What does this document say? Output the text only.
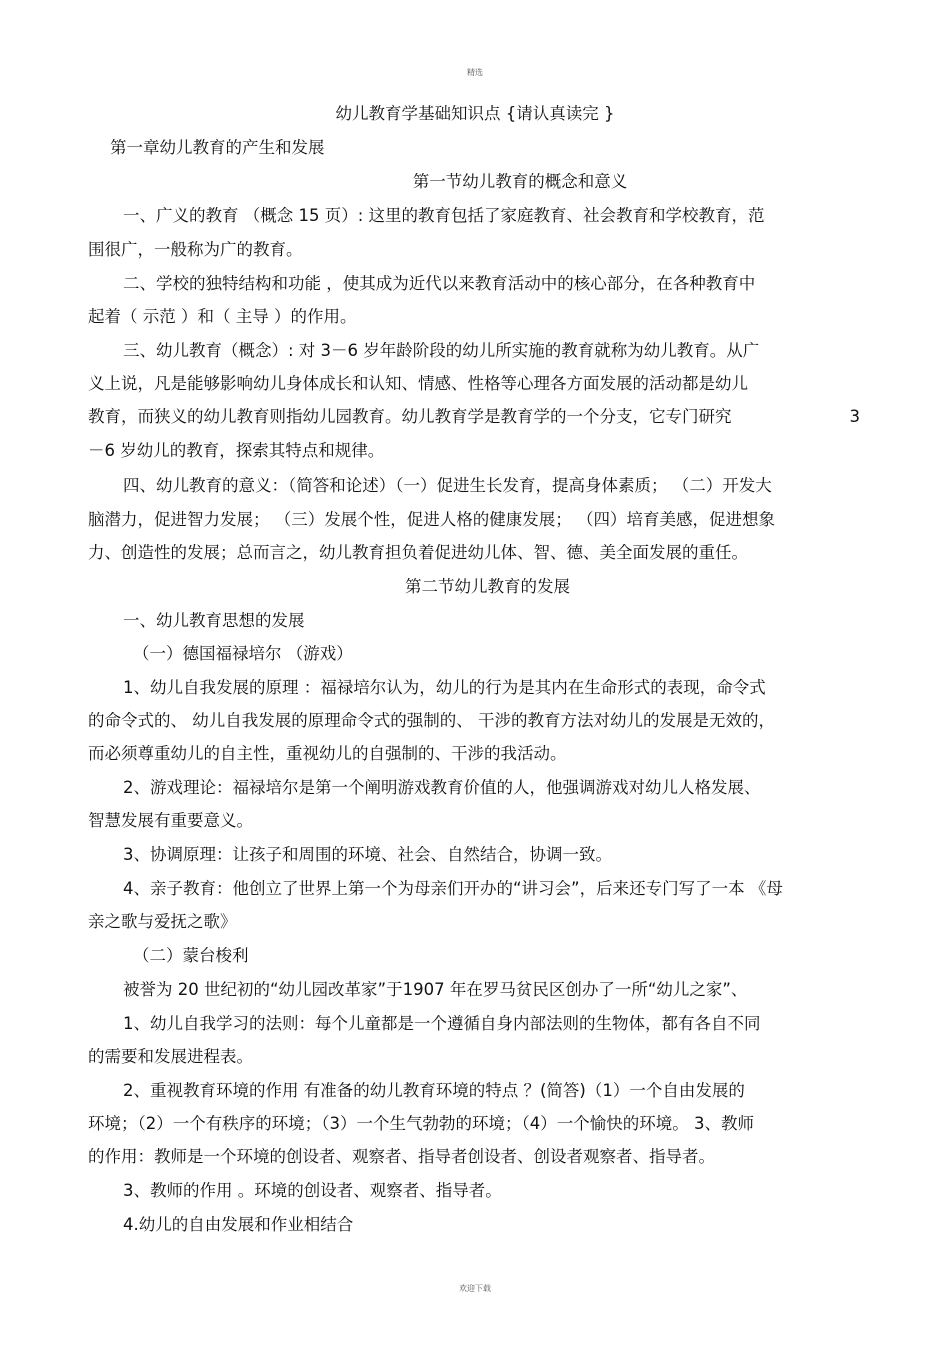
精选
幼儿教育学基础知识点 {请认真读完 }
第一章幼儿教育的产生和发展
第一节幼儿教育的概念和意义
一、广义的教育 （概念 15 页）: 这里的教育包括了家庭教育、社会教育和学校教育，范
围很广，一般称为广的教育。
二、学校的独特结构和功能 ，使其成为近代以来教育活动中的核心部分，在各种教育中
起着（ 示范 ）和（ 主导 ）的作用。
三、幼儿教育（概念）: 对 3－6 岁年龄阶段的幼儿所实施的教育就称为幼儿教育。从广
义上说，凡是能够影响幼儿身体成长和认知、情感、性格等心理各方面发展的活动都是幼儿
教育，而狭义的幼儿教育则指幼儿园教育。幼儿教育学是教育学的一个分支，它专门研究	3
－6 岁幼儿的教育，探索其特点和规律。
四、幼儿教育的意义：（简答和论述）（一）促进生长发育，提高身体素质； （二）开发大
脑潜力，促进智力发展； （三）发展个性，促进人格的健康发展； （四）培育美感，促进想象
力、创造性的发展；总而言之，幼儿教育担负着促进幼儿体、智、德、美全面发展的重任。
第二节幼儿教育的发展
一、幼儿教育思想的发展
（一）德国福禄培尔 （游戏）
1、幼儿自我发展的原理 ：福禄培尔认为，幼儿的行为是其内在生命形式的表现，命令式
的命令式的、 幼儿自我发展的原理命令式的强制的、 干涉的教育方法对幼儿的发展是无效的，
而必须尊重幼儿的自主性，重视幼儿的自强制的、干涉的我活动。
2、游戏理论：福禄培尔是第一个阐明游戏教育价值的人，他强调游戏对幼儿人格发展、
智慧发展有重要意义。
3、协调原理：让孩子和周围的环境、社会、自然结合，协调一致。
4、亲子教育：他创立了世界上第一个为母亲们开办的“讲习会”，后来还专门写了一本 《母
亲之歌与爱抚之歌》
（二）蒙台梭利
被誉为 20 世纪初的“幼儿园改革家”于1907 年在罗马贫民区创办了一所“幼儿之家”、
1、幼儿自我学习的法则：每个儿童都是一个遵循自身内部法则的生物体，都有各自不同
的需要和发展进程表。
2、重视教育环境的作用 有准备的幼儿教育环境的特点 ？(简答)（1）一个自由发展的
环境；（2）一个有秩序的环境；（3）一个生气勃勃的环境；（4）一个愉快的环境。 3、教师
的作用：教师是一个环境的创设者、观察者、指导者创设者、创设者观察者、指导者。
3、教师的作用 。环境的创设者、观察者、指导者。
4.幼儿的自由发展和作业相结合
欢迎下载
